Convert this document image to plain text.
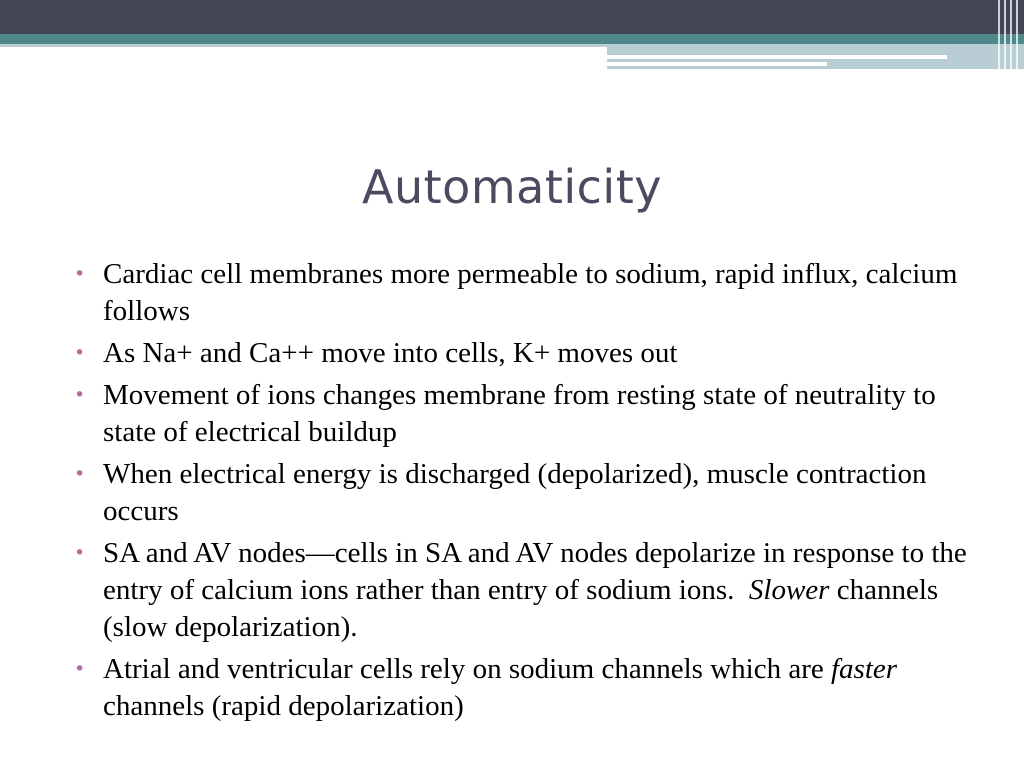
Automaticity
• Cardiac cell membranes more permeable to sodium, rapid influx, calcium follows
• As Na+ and Ca++ move into cells, K+ moves out
• Movement of ions changes membrane from resting state of neutrality to state of electrical buildup
• When electrical energy is discharged (depolarized), muscle contraction occurs
• SA and AV nodes—cells in SA and AV nodes depolarize in response to the entry of calcium ions rather than entry of sodium ions.  Slower channels (slow depolarization).
• Atrial and ventricular cells rely on sodium channels which are faster channels (rapid depolarization)
